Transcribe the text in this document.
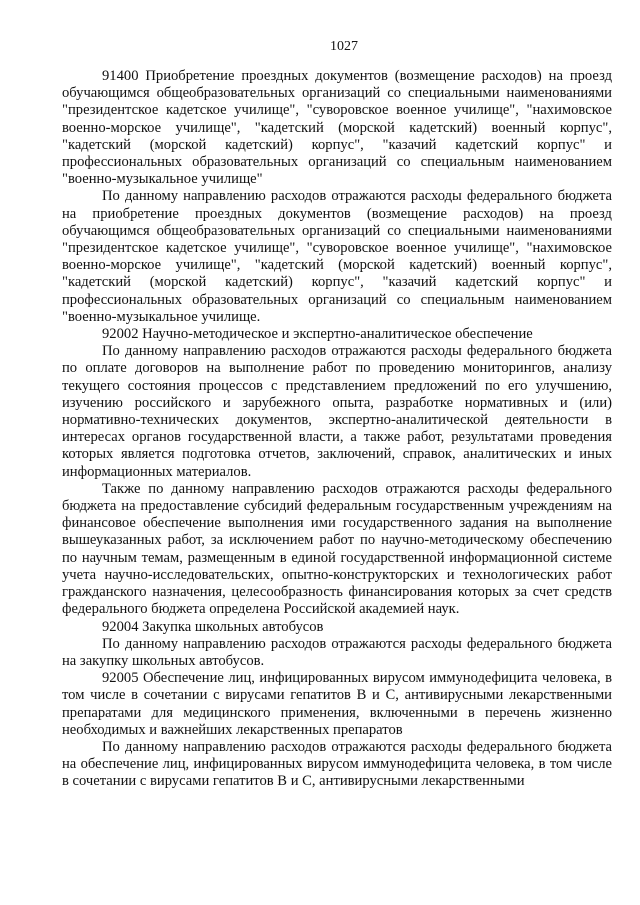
1027

91400 Приобретение проездных документов (возмещение расходов) на проезд обучающимся общеобразовательных организаций со специальными наименованиями "президентское кадетское училище", "суворовское военное училище", "нахимовское военно-морское училище", "кадетский (морской кадетский) военный корпус", "кадетский (морской кадетский) корпус", "казачий кадетский корпус" и профессиональных образовательных организаций со специальным наименованием "военно-музыкальное училище"

По данному направлению расходов отражаются расходы федерального бюджета на приобретение проездных документов (возмещение расходов) на проезд обучающимся общеобразовательных организаций со специальными наименованиями "президентское кадетское училище", "суворовское военное училище", "нахимовское военно-морское училище", "кадетский (морской кадетский) военный корпус", "кадетский (морской кадетский) корпус", "казачий кадетский корпус" и профессиональных образовательных организаций со специальным наименованием "военно-музыкальное училище.

92002 Научно-методическое и экспертно-аналитическое обеспечение

По данному направлению расходов отражаются расходы федерального бюджета по оплате договоров на выполнение работ по проведению мониторингов, анализу текущего состояния процессов с представлением предложений по его улучшению, изучению российского и зарубежного опыта, разработке нормативных и (или) нормативно-технических документов, экспертно-аналитической деятельности в интересах органов государственной власти, а также работ, результатами проведения которых является подготовка отчетов, заключений, справок, аналитических и иных информационных материалов.

Также по данному направлению расходов отражаются расходы федерального бюджета на предоставление субсидий федеральным государственным учреждениям на финансовое обеспечение выполнения ими государственного задания на выполнение вышеуказанных работ, за исключением работ по научно-методическому обеспечению по научным темам, размещенным в единой государственной информационной системе учета научно-исследовательских, опытно-конструкторских и технологических работ гражданского назначения, целесообразность финансирования которых за счет средств федерального бюджета определена Российской академией наук.

92004 Закупка школьных автобусов

По данному направлению расходов отражаются расходы федерального бюджета на закупку школьных автобусов.

92005 Обеспечение лиц, инфицированных вирусом иммунодефицита человека, в том числе в сочетании с вирусами гепатитов B и C, антивирусными лекарственными препаратами для медицинского применения, включенными в перечень жизненно необходимых и важнейших лекарственных препаратов

По данному направлению расходов отражаются расходы федерального бюджета на обеспечение лиц, инфицированных вирусом иммунодефицита человека, в том числе в сочетании с вирусами гепатитов B и C, антивирусными лекарственными
